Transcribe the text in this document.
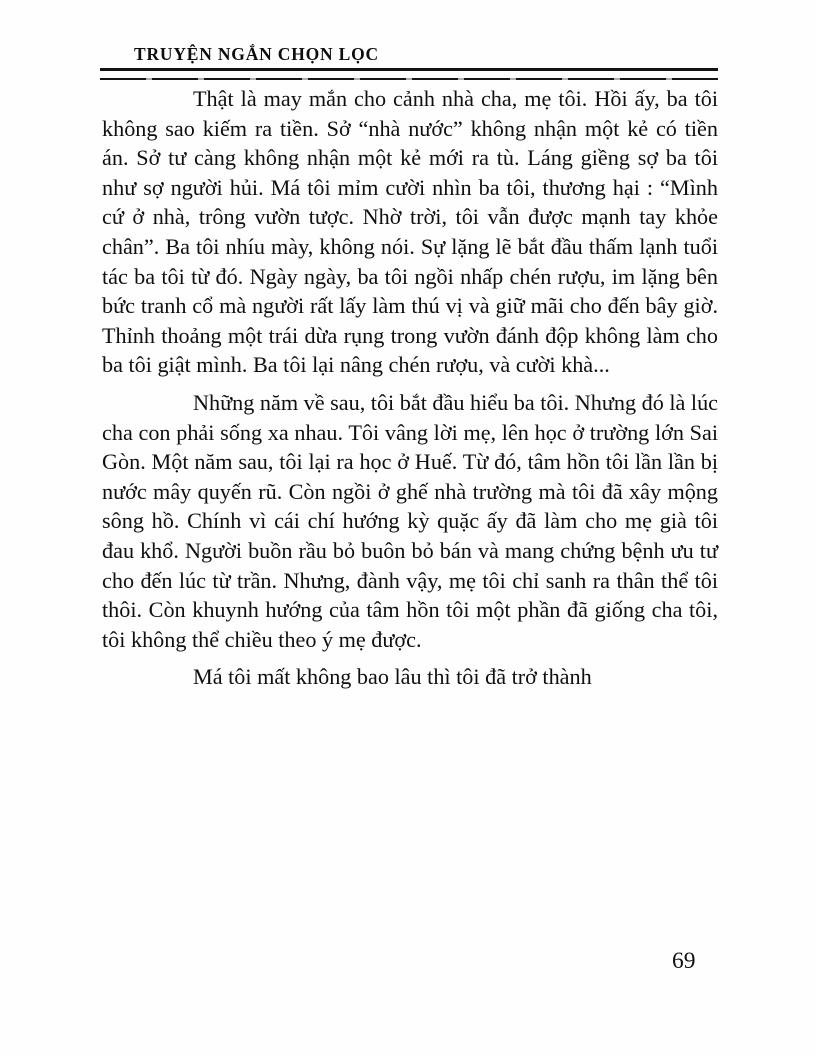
TRUYỆN NGẮN CHỌN LỌC

Thật là may mắn cho cảnh nhà cha, mẹ tôi. Hồi ấy, ba tôi không sao kiếm ra tiền. Sở “nhà nước” không nhận một kẻ có tiền án. Sở tư càng không nhận một kẻ mới ra tù. Láng giềng sợ ba tôi như sợ người hủi. Má tôi mỉm cười nhìn ba tôi, thương hại : “Mình cứ ở nhà, trông vườn tược. Nhờ trời, tôi vẫn được mạnh tay khỏe chân”. Ba tôi nhíu mày, không nói. Sự lặng lẽ bắt đầu thấm lạnh tuổi tác ba tôi từ đó. Ngày ngày, ba tôi ngồi nhấp chén rượu, im lặng bên bức tranh cổ mà người rất lấy làm thú vị và giữ mãi cho đến bây giờ. Thỉnh thoảng một trái dừa rụng trong vườn đánh độp không làm cho ba tôi giật mình. Ba tôi lại nâng chén rượu, và cười khà...

Những năm về sau, tôi bắt đầu hiểu ba tôi. Nhưng đó là lúc cha con phải sống xa nhau. Tôi vâng lời mẹ, lên học ở trường lớn Sai Gòn. Một năm sau, tôi lại ra học ở Huế. Từ đó, tâm hồn tôi lần lần bị nước mây quyến rũ. Còn ngồi ở ghế nhà trường mà tôi đã xây mộng sông hồ. Chính vì cái chí hướng kỳ quặc ấy đã làm cho mẹ già tôi đau khổ. Người buồn rầu bỏ buôn bỏ bán và mang chứng bệnh ưu tư cho đến lúc từ trần. Nhưng, đành vậy, mẹ tôi chỉ sanh ra thân thể tôi thôi. Còn khuynh hướng của tâm hồn tôi một phần đã giống cha tôi, tôi không thể chiều theo ý mẹ được.

Má tôi mất không bao lâu thì tôi đã trở thành

69
